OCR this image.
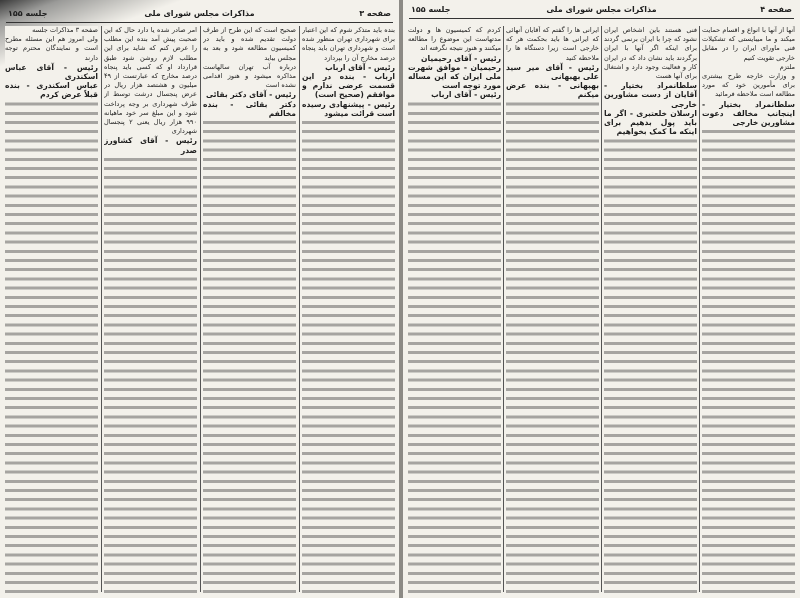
صفحه ۳
مذاکرات مجلس شورای ملی
جلسه ۱۵۵

بنده باید متذکر شوم که این اعتبار برای شهرداری تهران منظور شده است و شهرداری تهران باید پنجاه درصد مخارج آن را بپردازد

رئیس - آقای ارباب

ارباب - بنده در این قسمت عرضی ندارم و موافقم (صحیح است)

رئیس - پیشنهادی رسیده است قرائت میشود

صحیح است که این طرح از طرف دولت تقدیم شده و باید در کمیسیون مطالعه شود و بعد به مجلس بیاید

درباره آب تهران سالهاست مذاکره میشود و هنوز اقدامی نشده است

رئیس - آقای دکتر بقائی

دکتر بقائی - بنده مخالفم

امر صادر شده یا دارد حال که این صحبت پیش آمد بنده این مطلب را عرض کنم که شاید برای این مطلب لازم روشن شود طبق قرارداد او که کسی باید پنجاه درصد مخارج که عبارتست از ۴۹ میلیون و هشتصد هزار ریال در عرض پنجسال درشت توسط از طرف شهرداری بر وجه پرداخت شود و این مبلغ سر خود ماهیانه ۹۹۰ هزار ریال یعنی ۲ پنجسال شهرداری

رئیس - آقای کشاورز صدر

صفحه ۳ مذاکرات جلسه

ولی امروز هم این مسئله مطرح است و نمایندگان محترم توجه دارند

رئیس - آقای عباس اسکندری

عباس اسکندری - بنده قبلاً عرض کردم

صفحه ۴
مذاکرات مجلس شورای ملی
جلسه ۱۵۵

کردم که کمیسیون ها و دولت مدتهاست این موضوع را مطالعه میکنند و هنوز نتیجه نگرفته اند

رئیس - آقای رحیمیان

رحیمیان - موافق شهرت ملی ایران که این مساله مورد توجه است

رئیس - آقای ارباب

ایرانی ها را گفتم که آقایان آنهائی که ایرانی ها باید بحکمت هر که خارجی است زیرا دستگاه ها را ملاحظه کنید

رئیس - آقای میر سید علی بهبهانی

بهبهانی - بنده عرض میکنم

فنی هستند باین اشخاص ایران نشود که چرا با ایران برنمی گردند برای اینکه اگر آنها با ایران برگردند باید نشان داد که در ایران کار و فعالیت وجود دارد و اشتغال برای آنها هست

سلطانمراد بختیار - آقایان از دست مشاورین خارجی

ارسلان خلعتبری - اگر ما باید پول بدهیم برای اینکه ما کمک بخواهیم

آنها از آنها با انواع و اقسام حمایت میکند و ما میبایستی که تشکیلات فنی ماورای ایران را در مقابل خارجی تقویت کنیم

ملتزم

و وزارت خارجه طرح بیشتری برای مأمورین خود که مورد مطالعه است ملاحظه فرمائید

سلطانمراد بختیار - اینجانب مخالف دعوت مشاورین خارجی
